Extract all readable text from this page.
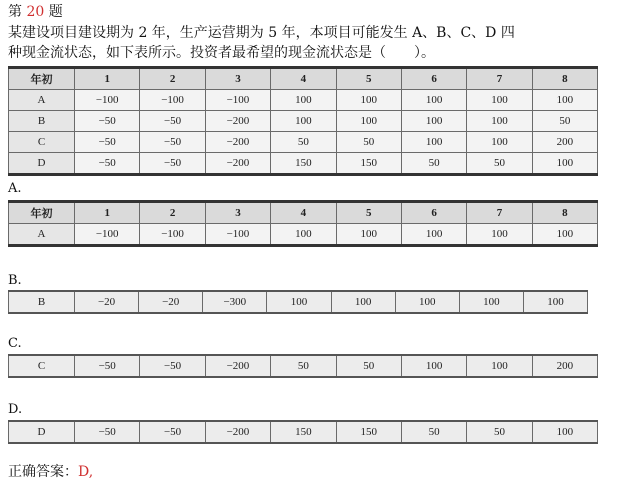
第 20 题
某建设项目建设期为 2 年，生产运营期为 5 年，本项目可能发生 A、B、C、D 四
种现金流状态，如下表所示。投资者最希望的现金流状态是（　　）。
年初	1	2	3	4	5	6	7	8
A	−100	−100	−100	100	100	100	100	100
B	−50	−50	−200	100	100	100	100	50
C	−50	−50	−200	50	50	100	100	200
D	−50	−50	−200	150	150	50	50	100
A.
年初	1	2	3	4	5	6	7	8
A	−100	−100	−100	100	100	100	100	100
B.
B	−20	−20	−300	100	100	100	100	100
C.
C	−50	−50	−200	50	50	100	100	200
D.
D	−50	−50	−200	150	150	50	50	100
正确答案：D,
